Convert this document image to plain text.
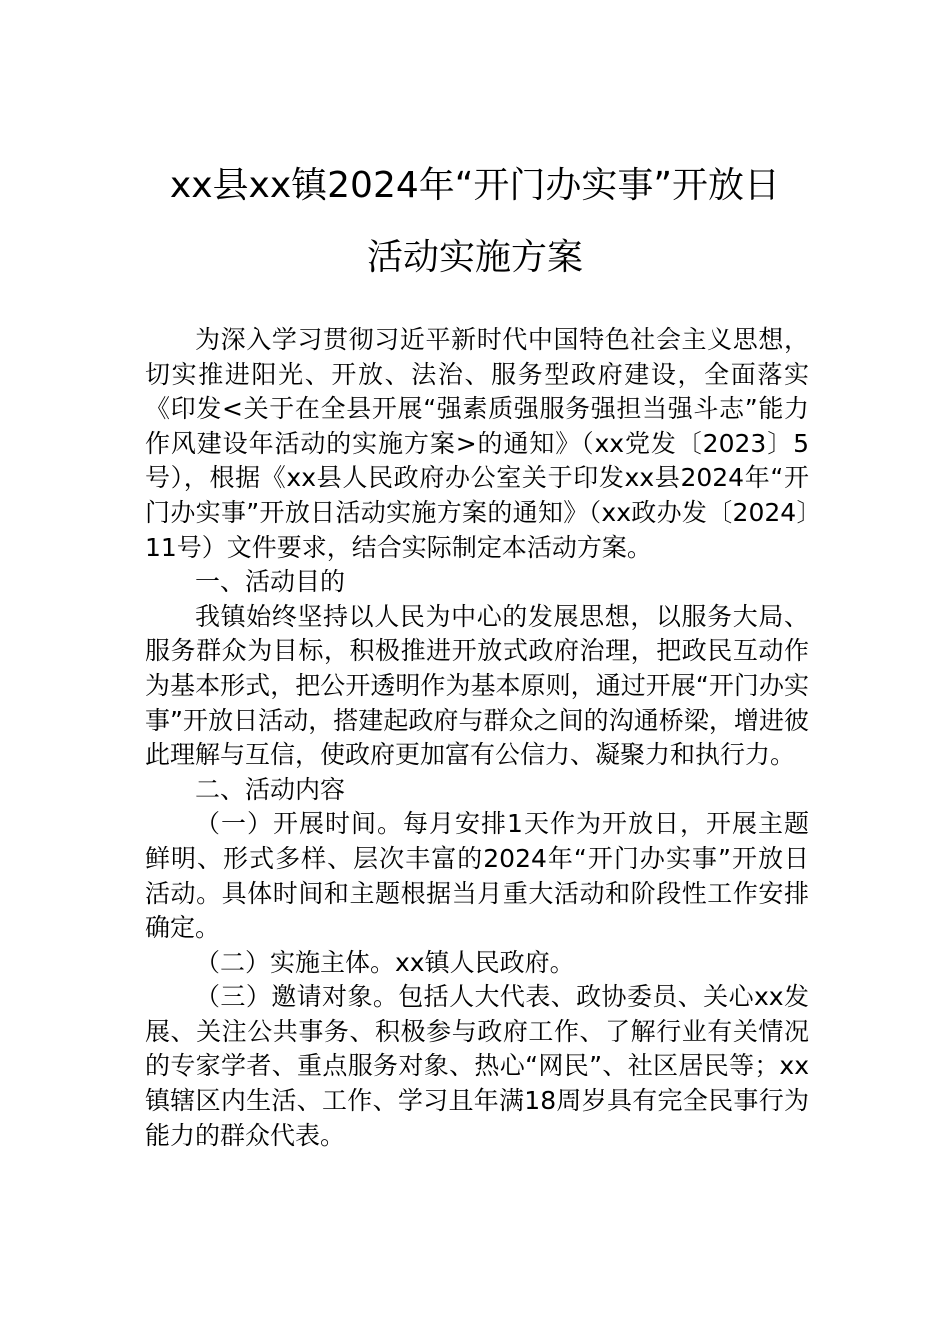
xx县xx镇2024年“开门办实事”开放日
活动实施方案

为深入学习贯彻习近平新时代中国特色社会主义思想，切实推进阳光、开放、法治、服务型政府建设，全面落实《印发<关于在全县开展“强素质强服务强担当强斗志”能力作风建设年活动的实施方案>的通知》（xx党发〔2023〕5号），根据《xx县人民政府办公室关于印发xx县2024年“开门办实事”开放日活动实施方案的通知》（xx政办发〔2024〕11号）文件要求，结合实际制定本活动方案。

一、活动目的

我镇始终坚持以人民为中心的发展思想，以服务大局、服务群众为目标，积极推进开放式政府治理，把政民互动作为基本形式，把公开透明作为基本原则，通过开展“开门办实事”开放日活动，搭建起政府与群众之间的沟通桥梁，增进彼此理解与互信，使政府更加富有公信力、凝聚力和执行力。

二、活动内容

（一）开展时间。每月安排1天作为开放日，开展主题鲜明、形式多样、层次丰富的2024年“开门办实事”开放日活动。具体时间和主题根据当月重大活动和阶段性工作安排确定。

（二）实施主体。xx镇人民政府。

（三）邀请对象。包括人大代表、政协委员、关心xx发展、关注公共事务、积极参与政府工作、了解行业有关情况的专家学者、重点服务对象、热心“网民”、社区居民等；xx镇辖区内生活、工作、学习且年满18周岁具有完全民事行为能力的群众代表。
